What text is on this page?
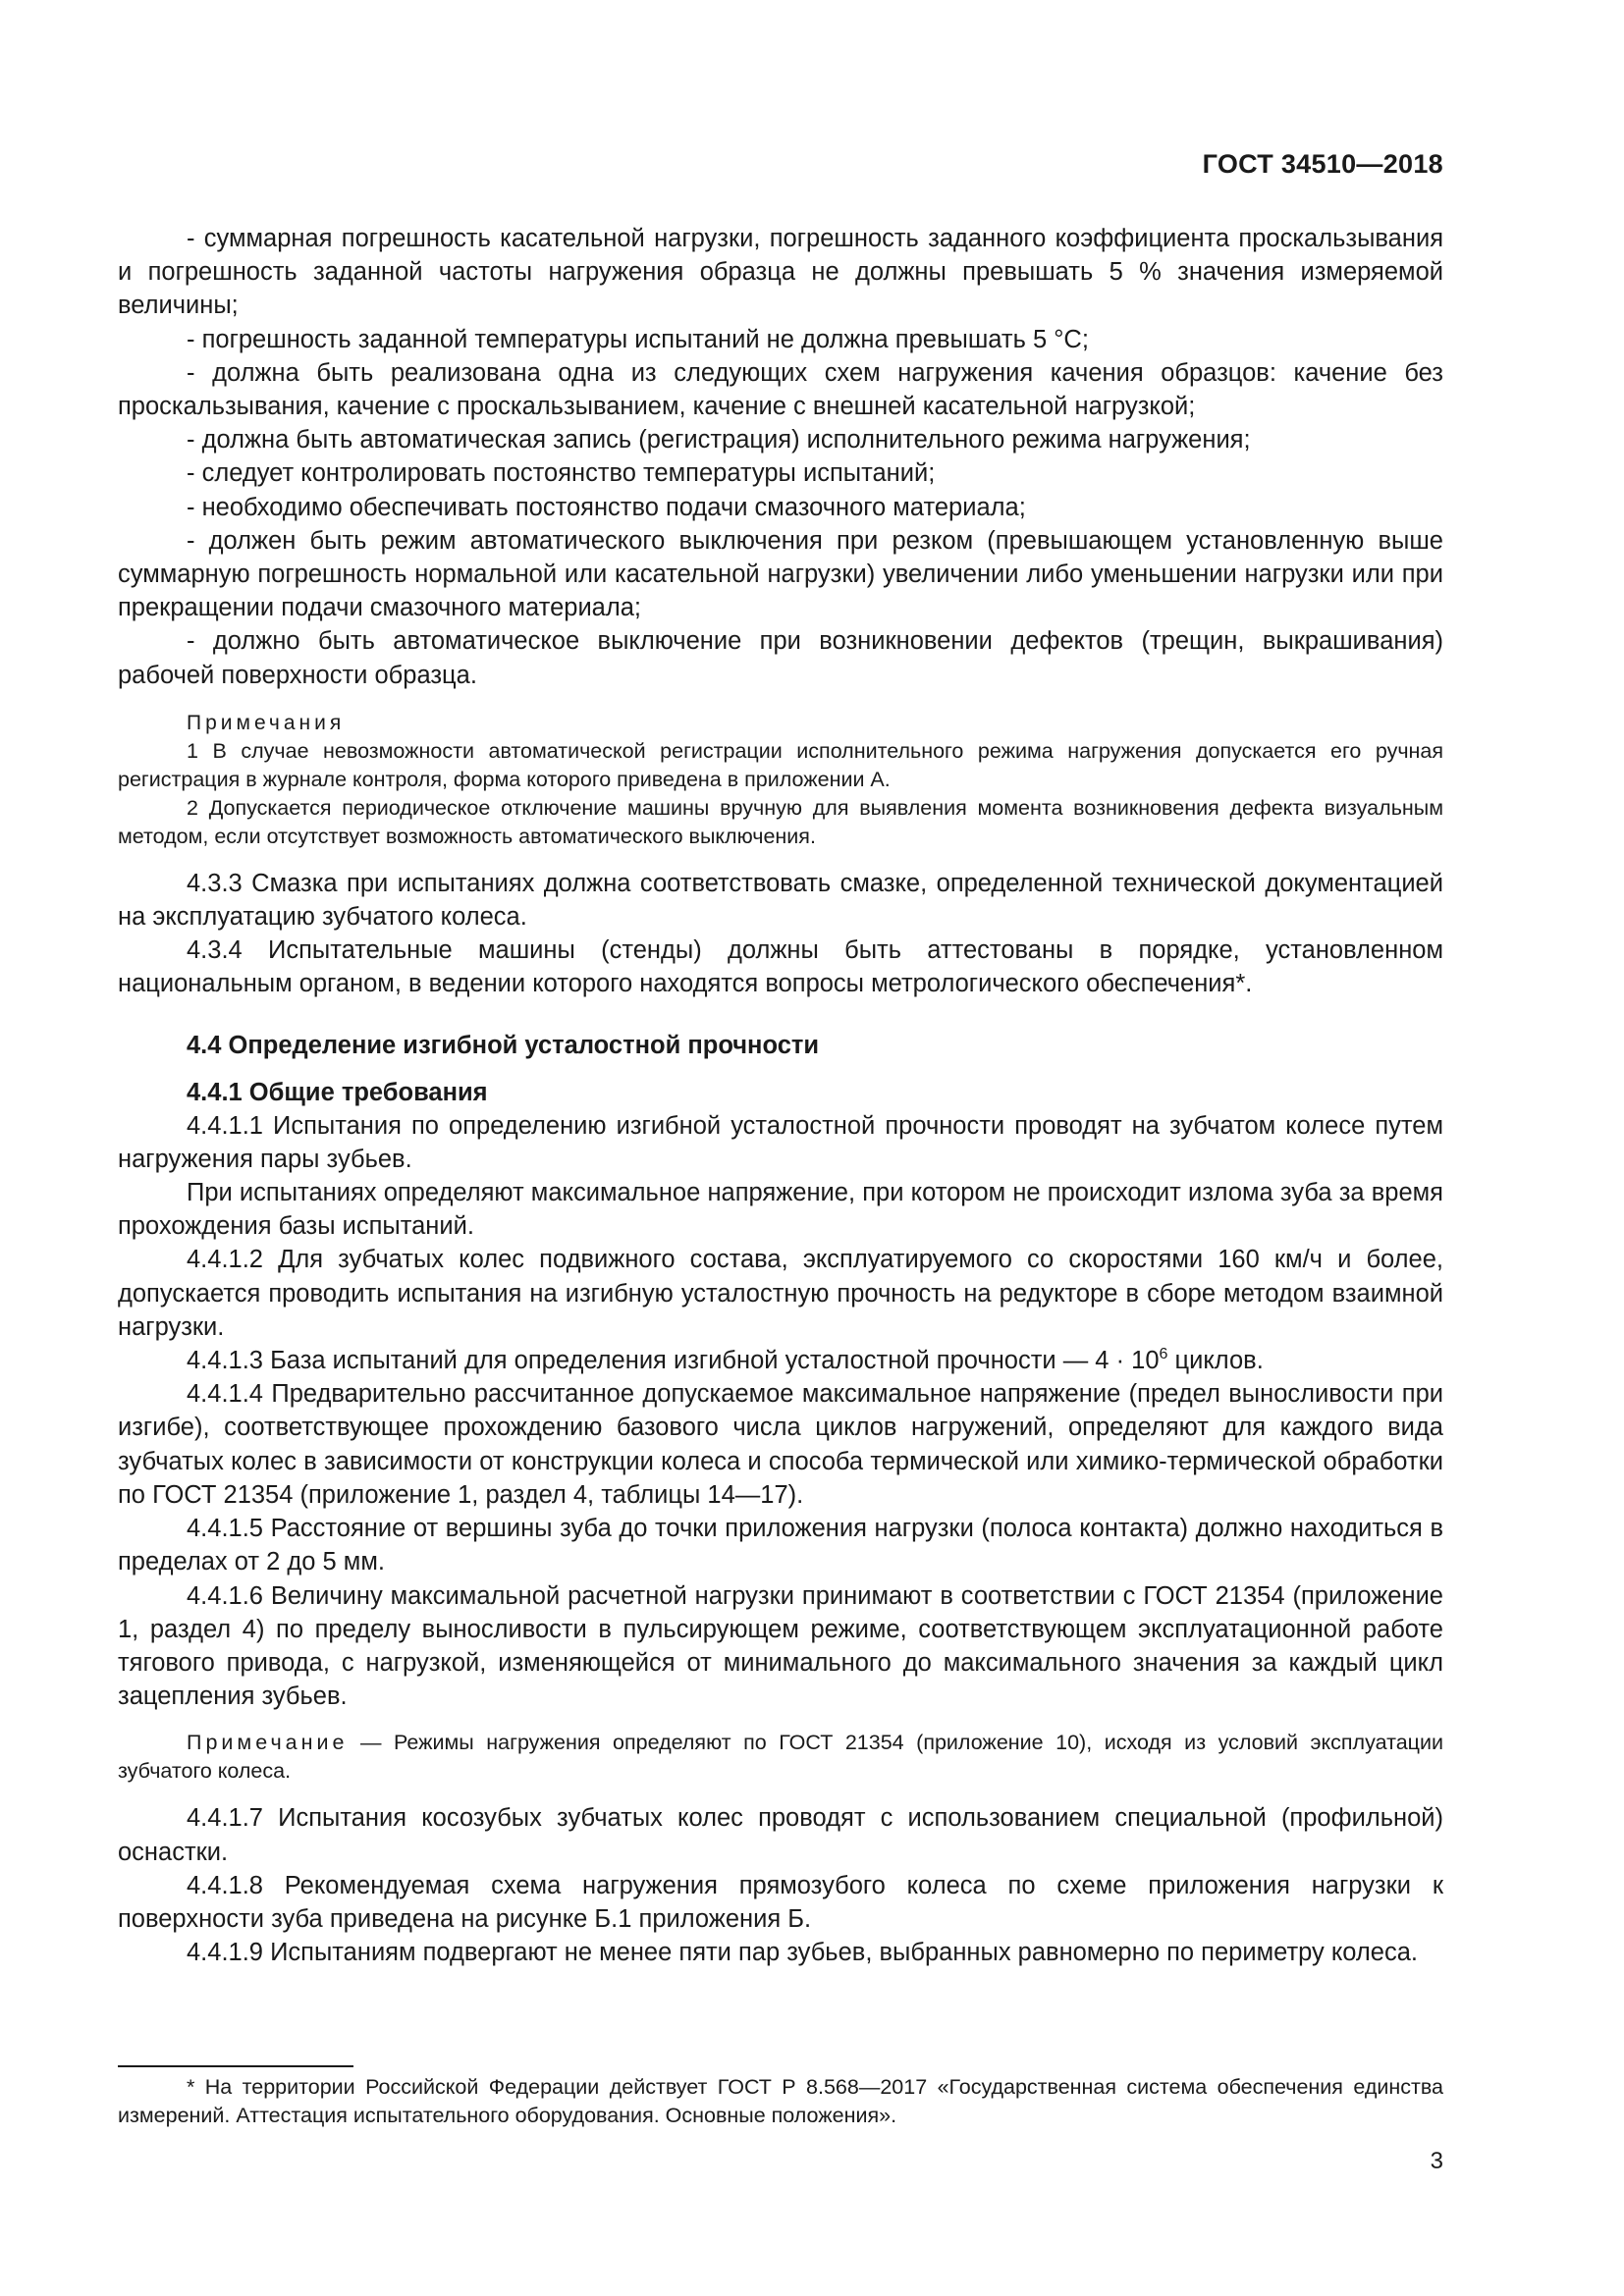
ГОСТ 34510—2018

- суммарная погрешность касательной нагрузки, погрешность заданного коэффициента проскальзывания и погрешность заданной частоты нагружения образца не должны превышать 5 % значения измеряемой величины;

- погрешность заданной температуры испытаний не должна превышать 5 °C;

- должна быть реализована одна из следующих схем нагружения качения образцов: качение без проскальзывания, качение с проскальзыванием, качение с внешней касательной нагрузкой;

- должна быть автоматическая запись (регистрация) исполнительного режима нагружения;

- следует контролировать постоянство температуры испытаний;

- необходимо обеспечивать постоянство подачи смазочного материала;

- должен быть режим автоматического выключения при резком (превышающем установленную выше суммарную погрешность нормальной или касательной нагрузки) увеличении либо уменьшении нагрузки или при прекращении подачи смазочного материала;

- должно быть автоматическое выключение при возникновении дефектов (трещин, выкрашивания) рабочей поверхности образца.

Примечания

1 В случае невозможности автоматической регистрации исполнительного режима нагружения допускается его ручная регистрация в журнале контроля, форма которого приведена в приложении А.

2 Допускается периодическое отключение машины вручную для выявления момента возникновения дефекта визуальным методом, если отсутствует возможность автоматического выключения.

4.3.3 Смазка при испытаниях должна соответствовать смазке, определенной технической документацией на эксплуатацию зубчатого колеса.

4.3.4 Испытательные машины (стенды) должны быть аттестованы в порядке, установленном национальным органом, в ведении которого находятся вопросы метрологического обеспечения*.

4.4 Определение изгибной усталостной прочности

4.4.1 Общие требования

4.4.1.1 Испытания по определению изгибной усталостной прочности проводят на зубчатом колесе путем нагружения пары зубьев.

При испытаниях определяют максимальное напряжение, при котором не происходит излома зуба за время прохождения базы испытаний.

4.4.1.2 Для зубчатых колес подвижного состава, эксплуатируемого со скоростями 160 км/ч и более, допускается проводить испытания на изгибную усталостную прочность на редукторе в сборе методом взаимной нагрузки.

4.4.1.3 База испытаний для определения изгибной усталостной прочности — $4 \cdot 10^6$ циклов.

4.4.1.4 Предварительно рассчитанное допускаемое максимальное напряжение (предел выносливости при изгибе), соответствующее прохождению базового числа циклов нагружений, определяют для каждого вида зубчатых колес в зависимости от конструкции колеса и способа термической или химико-термической обработки по ГОСТ 21354 (приложение 1, раздел 4, таблицы 14—17).

4.4.1.5 Расстояние от вершины зуба до точки приложения нагрузки (полоса контакта) должно находиться в пределах от 2 до 5 мм.

4.4.1.6 Величину максимальной расчетной нагрузки принимают в соответствии с ГОСТ 21354 (приложение 1, раздел 4) по пределу выносливости в пульсирующем режиме, соответствующем эксплуатационной работе тягового привода, с нагрузкой, изменяющейся от минимального до максимального значения за каждый цикл зацепления зубьев.

Примечание — Режимы нагружения определяют по ГОСТ 21354 (приложение 10), исходя из условий эксплуатации зубчатого колеса.

4.4.1.7 Испытания косозубых зубчатых колес проводят с использованием специальной (профильной) оснастки.

4.4.1.8 Рекомендуемая схема нагружения прямозубого колеса по схеме приложения нагрузки к поверхности зуба приведена на рисунке Б.1 приложения Б.

4.4.1.9 Испытаниям подвергают не менее пяти пар зубьев, выбранных равномерно по периметру колеса.

* На территории Российской Федерации действует ГОСТ Р 8.568—2017 «Государственная система обеспечения единства измерений. Аттестация испытательного оборудования. Основные положения».

3
